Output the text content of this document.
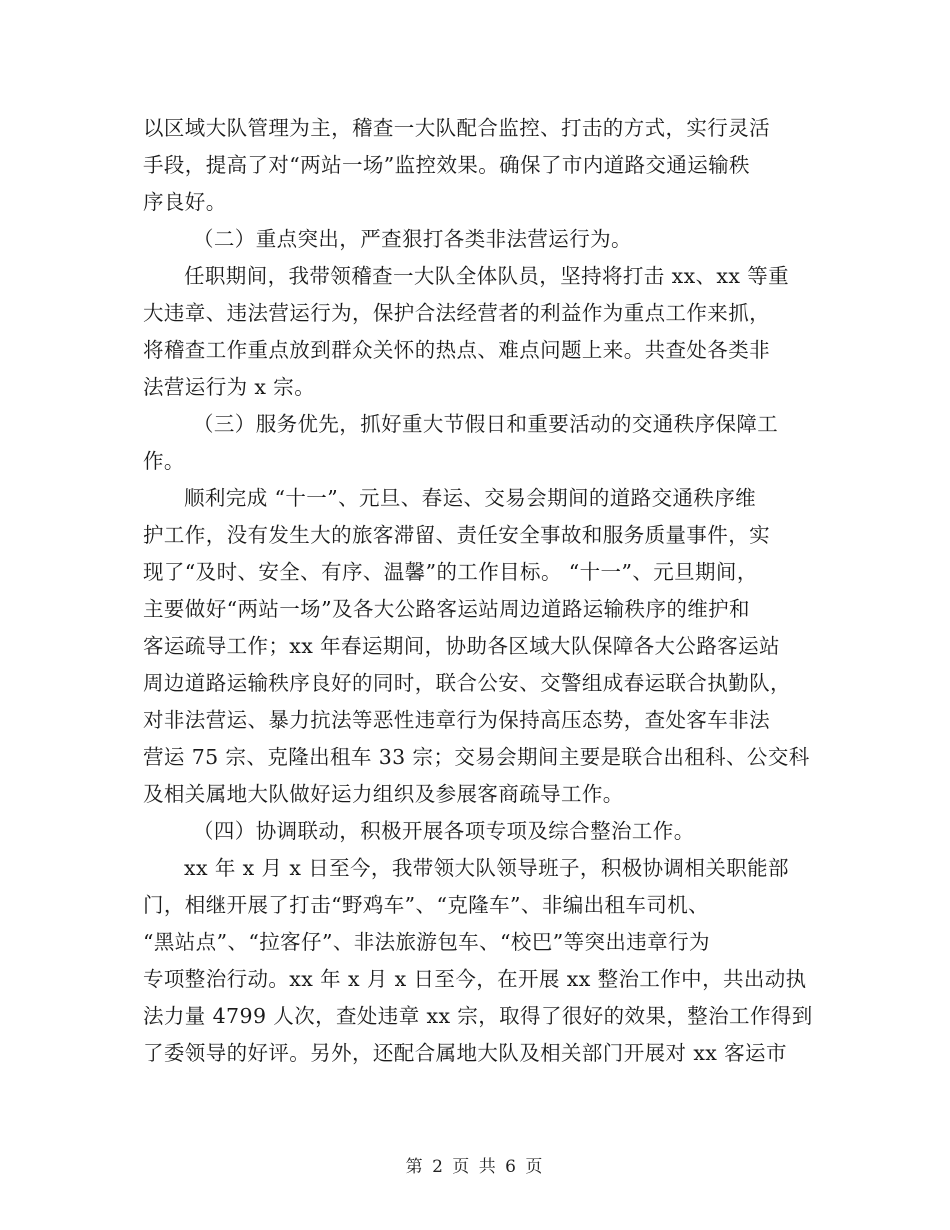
以区域大队管理为主，稽查一大队配合监控、打击的方式，实行灵活
手段，提高了对“两站一场”监控效果。确保了市内道路交通运输秩
序良好。
（二）重点突出，严查狠打各类非法营运行为。
任职期间，我带领稽查一大队全体队员，坚持将打击 xx、xx 等重
大违章、违法营运行为，保护合法经营者的利益作为重点工作来抓，
将稽查工作重点放到群众关怀的热点、难点问题上来。共查处各类非
法营运行为 x 宗。
（三）服务优先，抓好重大节假日和重要活动的交通秩序保障工
作。
顺利完成 “十一”、元旦、春运、交易会期间的道路交通秩序维
护工作，没有发生大的旅客滞留、责任安全事故和服务质量事件，实
现了“及时、安全、有序、温馨”的工作目标。 “十一”、元旦期间，
主要做好“两站一场”及各大公路客运站周边道路运输秩序的维护和
客运疏导工作；xx 年春运期间，协助各区域大队保障各大公路客运站
周边道路运输秩序良好的同时，联合公安、交警组成春运联合执勤队，
对非法营运、暴力抗法等恶性违章行为保持高压态势，查处客车非法
营运 75 宗、克隆出租车 33 宗；交易会期间主要是联合出租科、公交科
及相关属地大队做好运力组织及参展客商疏导工作。
（四）协调联动，积极开展各项专项及综合整治工作。
xx 年 x 月 x 日至今，我带领大队领导班子，积极协调相关职能部
门，相继开展了打击“野鸡车”、“克隆车”、非编出租车司机、
“黑站点”、“拉客仔”、非法旅游包车、“校巴”等突出违章行为
专项整治行动。xx 年 x 月 x 日至今，在开展 xx 整治工作中，共出动执
法力量 4799 人次，查处违章 xx 宗，取得了很好的效果，整治工作得到
了委领导的好评。另外，还配合属地大队及相关部门开展对 xx 客运市
第 2 页 共 6 页
